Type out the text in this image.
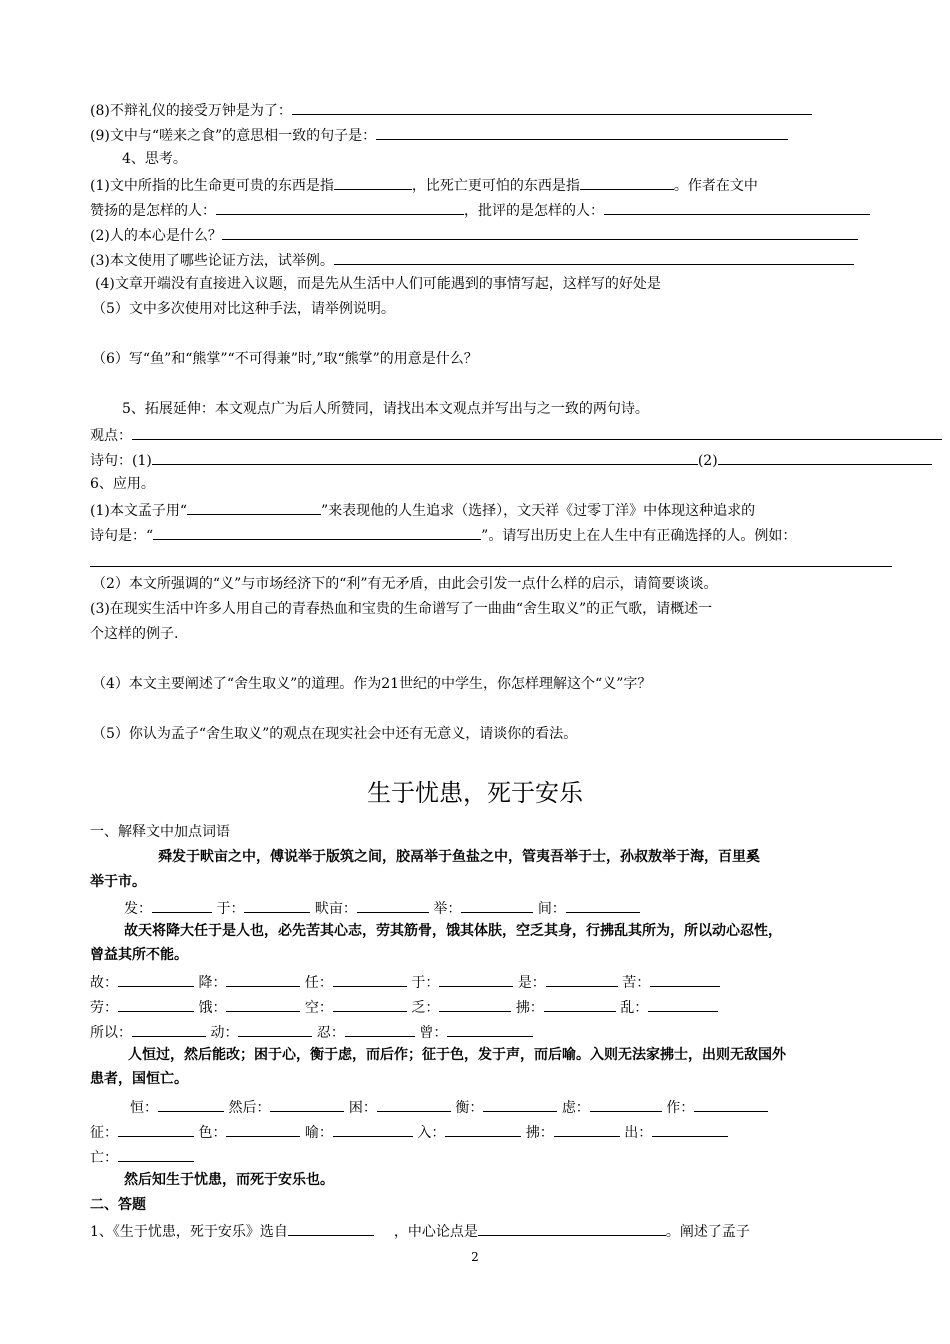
(8)不辩礼仪的接受万钟是为了：
(9)文中与“嗟来之食”的意思相一致的句子是：
4、思考。
(1)文中所指的比生命更可贵的东西是指	，比死亡更可怕的东西是指	。作者在文中
赞扬的是怎样的人：	，批评的是怎样的人：
(2)人的本心是什么？
(3)本文使用了哪些论证方法，试举例。
(4)文章开端没有直接进入议题，而是先从生活中人们可能遇到的事情写起，这样写的好处是
（5）文中多次使用对比这种手法，请举例说明。
（6）写“鱼”和“熊掌”“不可得兼”时,”取“熊掌”的用意是什么？
5、拓展延伸：本文观点广为后人所赞同，请找出本文观点并写出与之一致的两句诗。
观点：
诗句：(1)	(2)
6、应用。
(1)本文孟子用“	”来表现他的人生追求（选择），文天祥《过零丁洋》中体现这种追求的
诗句是：“	”。请写出历史上在人生中有正确选择的人。例如：
（2）本文所强调的“义”与市场经济下的“利”有无矛盾，由此会引发一点什么样的启示，请简要谈谈。
(3)在现实生活中许多人用自己的青春热血和宝贵的生命谱写了一曲曲“舍生取义”的正气歌，请概述一
个这样的例子.
（4）本文主要阐述了“舍生取义”的道理。作为21世纪的中学生，你怎样理解这个“义”字？
（5）你认为孟子“舍生取义”的观点在现实社会中还有无意义，请谈你的看法。
生于忧患，死于安乐
一、解释文中加点词语
舜发于畎亩之中，傅说举于版筑之间，胶鬲举于鱼盐之中，管夷吾举于士，孙叔敖举于海，百里奚
举于市。
发：	于：	畎亩：	举：	间：
故天将降大任于是人也，必先苦其心志，劳其筋骨，饿其体肤，空乏其身，行拂乱其所为，所以动心忍性，
曾益其所不能。
故：	降：	任：	于：	是：	苦：
劳：	饿：	空：	乏：	拂：	乱：
所以：	动：	忍：	曾：
人恒过，然后能改；困于心，衡于虑，而后作；征于色，发于声，而后喻。入则无法家拂士，出则无敌国外
患者，国恒亡。
恒：	然后：	困：	衡：	虑：	作：
征：	色：	喻：	入：	拂：	出：
亡：
然后知生于忧患，而死于安乐也。
二、答题
1、《生于忧患，死于安乐》选自	，中心论点是	。阐述了孟子
2
